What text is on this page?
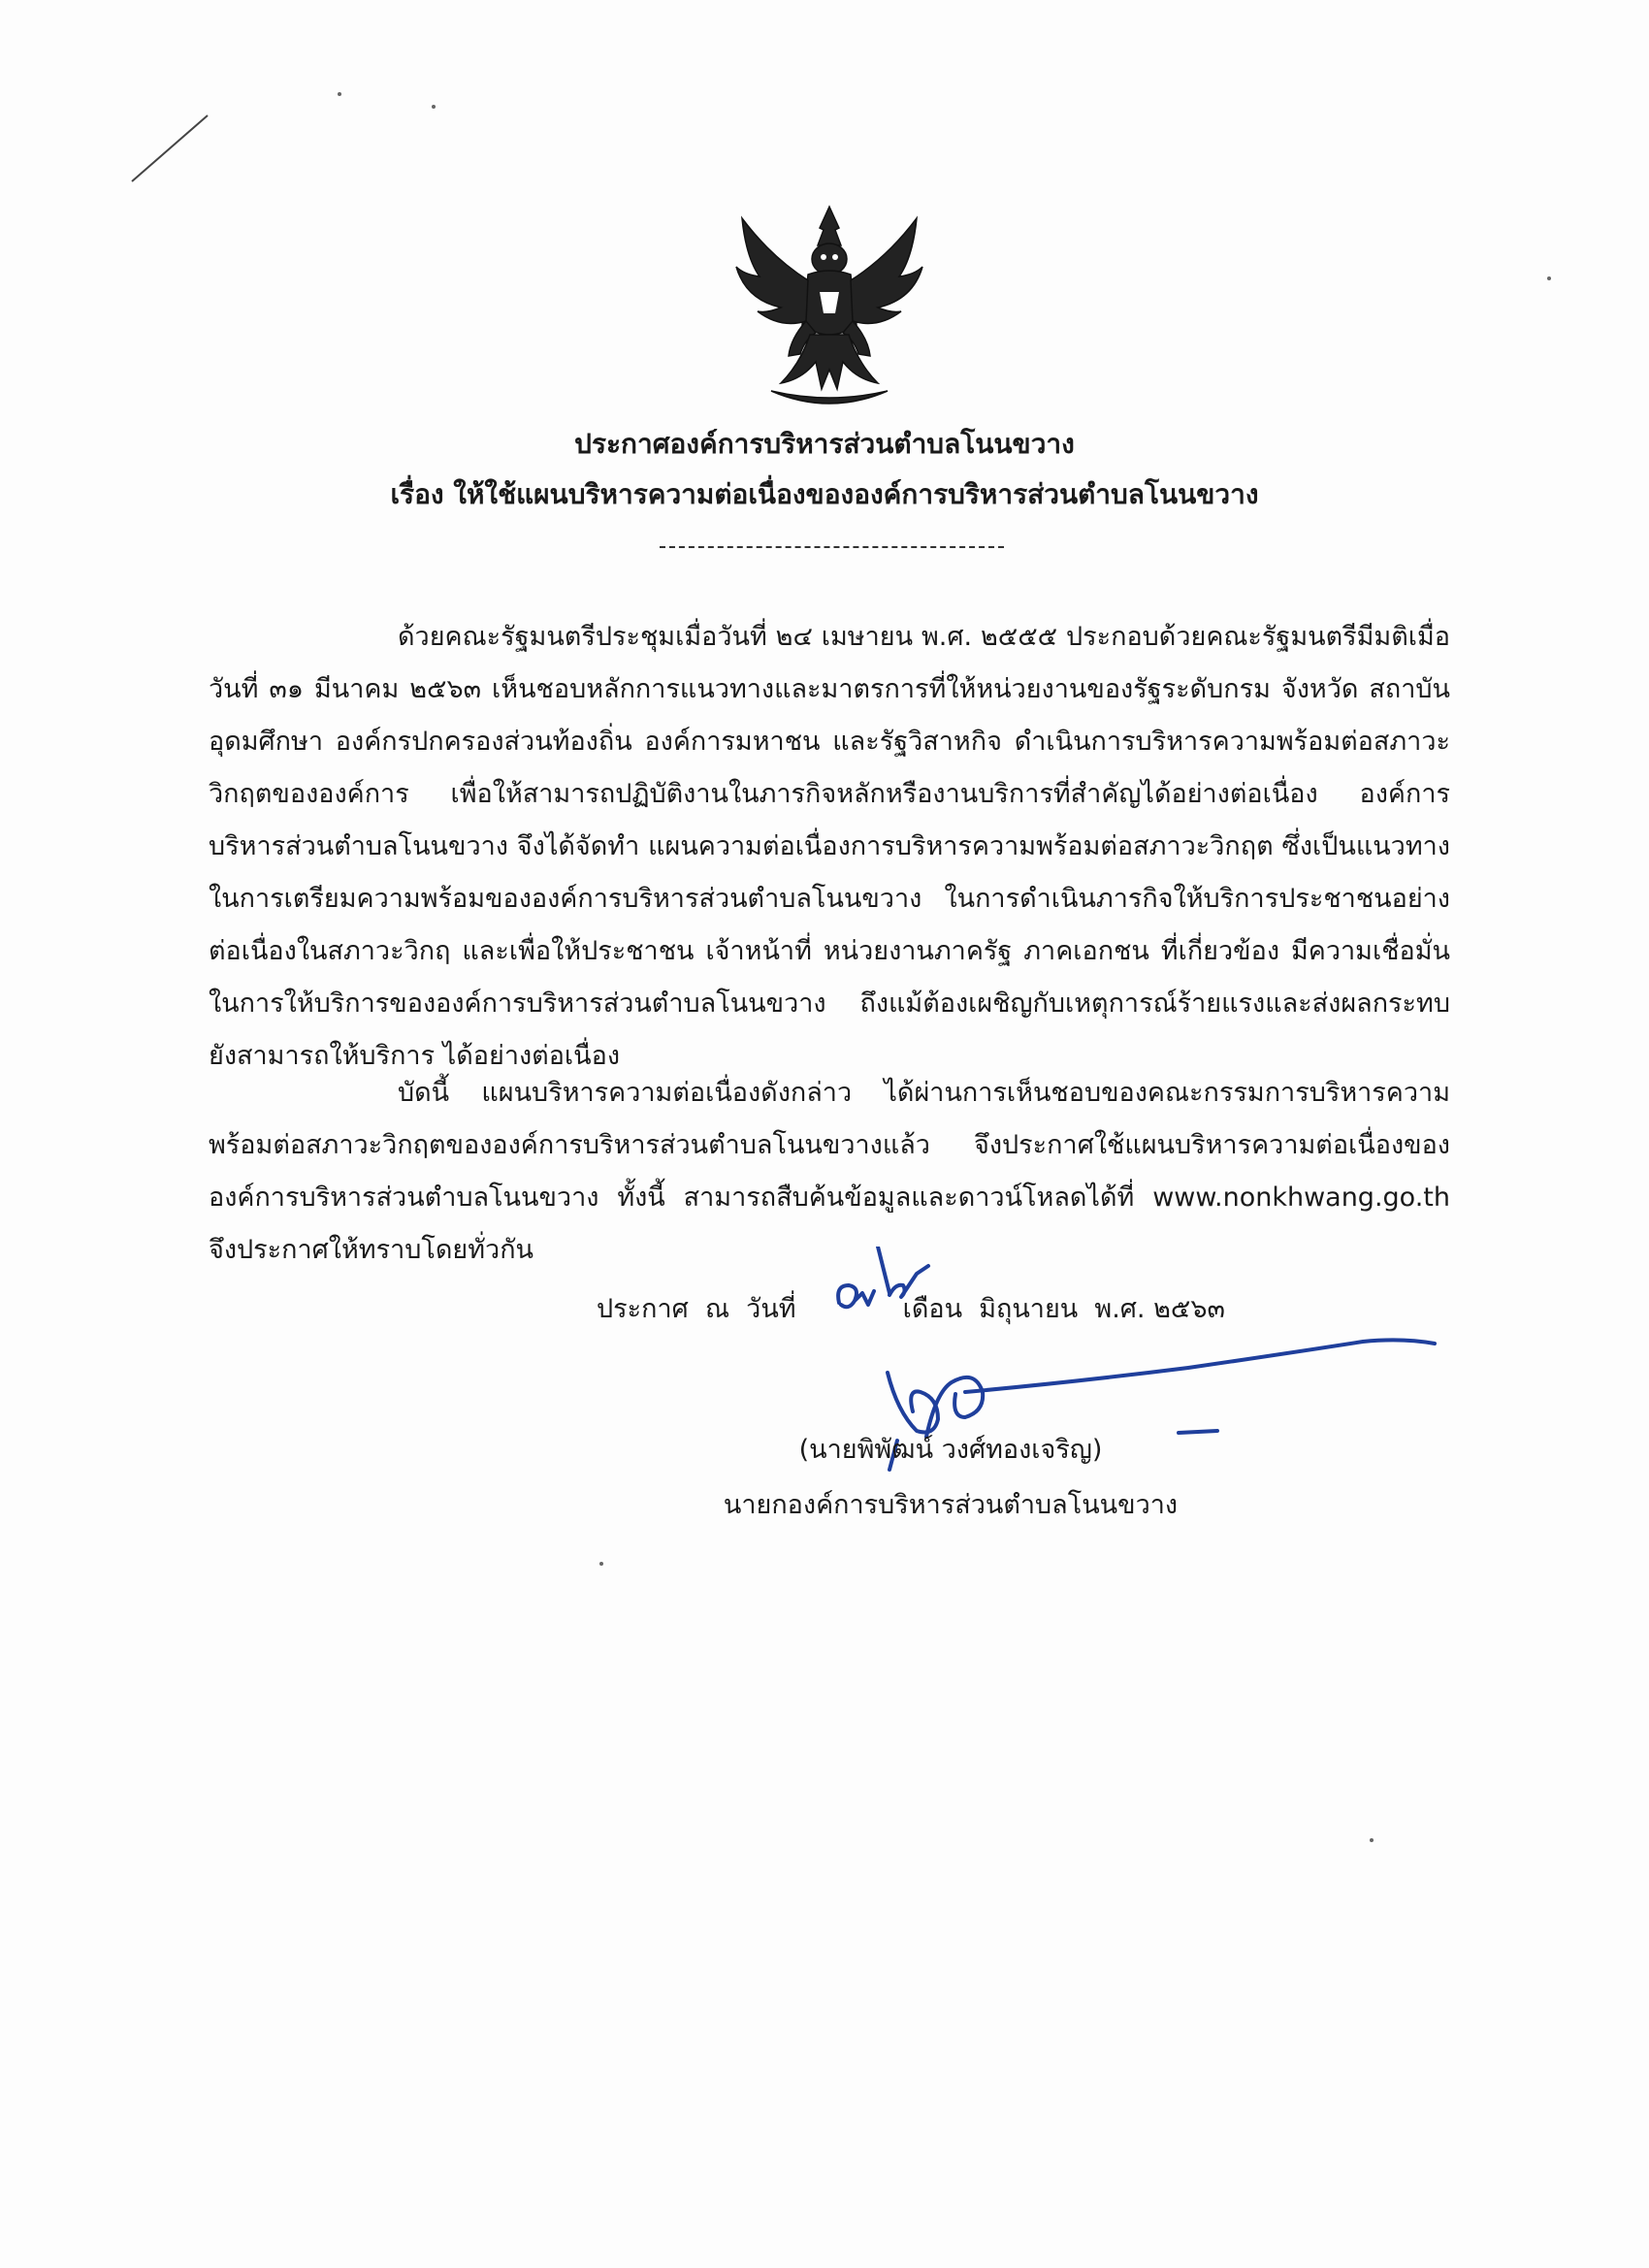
ประกาศองค์การบริหารส่วนตำบลโนนขวาง
เรื่อง ให้ใช้แผนบริหารความต่อเนื่องขององค์การบริหารส่วนตำบลโนนขวาง

ด้วยคณะรัฐมนตรีประชุมเมื่อวันที่ ๒๔ เมษายน พ.ศ. ๒๕๕๕ ประกอบด้วยคณะรัฐมนตรีมีมติเมื่อวันที่ ๓๑ มีนาคม ๒๕๖๓ เห็นชอบหลักการแนวทางและมาตรการที่ให้หน่วยงานของรัฐระดับกรม จังหวัด สถาบันอุดมศึกษา องค์กรปกครองส่วนท้องถิ่น องค์การมหาชน และรัฐวิสาหกิจ ดำเนินการบริหารความพร้อมต่อสภาวะวิกฤตขององค์การ เพื่อให้สามารถปฏิบัติงานในภารกิจหลักหรืองานบริการที่สำคัญได้อย่างต่อเนื่อง องค์การบริหารส่วนตำบลโนนขวาง จึงได้จัดทำ แผนความต่อเนื่องการบริหารความพร้อมต่อสภาวะวิกฤต ซึ่งเป็นแนวทางในการเตรียมความพร้อมขององค์การบริหารส่วนตำบลโนนขวาง ในการดำเนินภารกิจให้บริการประชาชนอย่างต่อเนื่องในสภาวะวิกฤ และเพื่อให้ประชาชน เจ้าหน้าที่ หน่วยงานภาครัฐ ภาคเอกชน ที่เกี่ยวข้อง มีความเชื่อมั่นในการให้บริการขององค์การบริหารส่วนตำบลโนนขวาง ถึงแม้ต้องเผชิญกับเหตุการณ์ร้ายแรงและส่งผลกระทบ ยังสามารถให้บริการ ได้อย่างต่อเนื่อง

บัดนี้ แผนบริหารความต่อเนื่องดังกล่าว ได้ผ่านการเห็นชอบของคณะกรรมการบริหารความพร้อมต่อสภาวะวิกฤตขององค์การบริหารส่วนตำบลโนนขวางแล้ว จึงประกาศใช้แผนบริหารความต่อเนื่องขององค์การบริหารส่วนตำบลโนนขวาง ทั้งนี้ สามารถสืบค้นข้อมูลและดาวน์โหลดได้ที่ www.nonkhwang.go.th จึงประกาศให้ทราบโดยทั่วกัน

ประกาศ  ณ  วันที่	เดือน  มิถุนายน  พ.ศ. ๒๕๖๓
(นายพิพัฒน์ วงศ์ทองเจริญ)
นายกองค์การบริหารส่วนตำบลโนนขวาง
